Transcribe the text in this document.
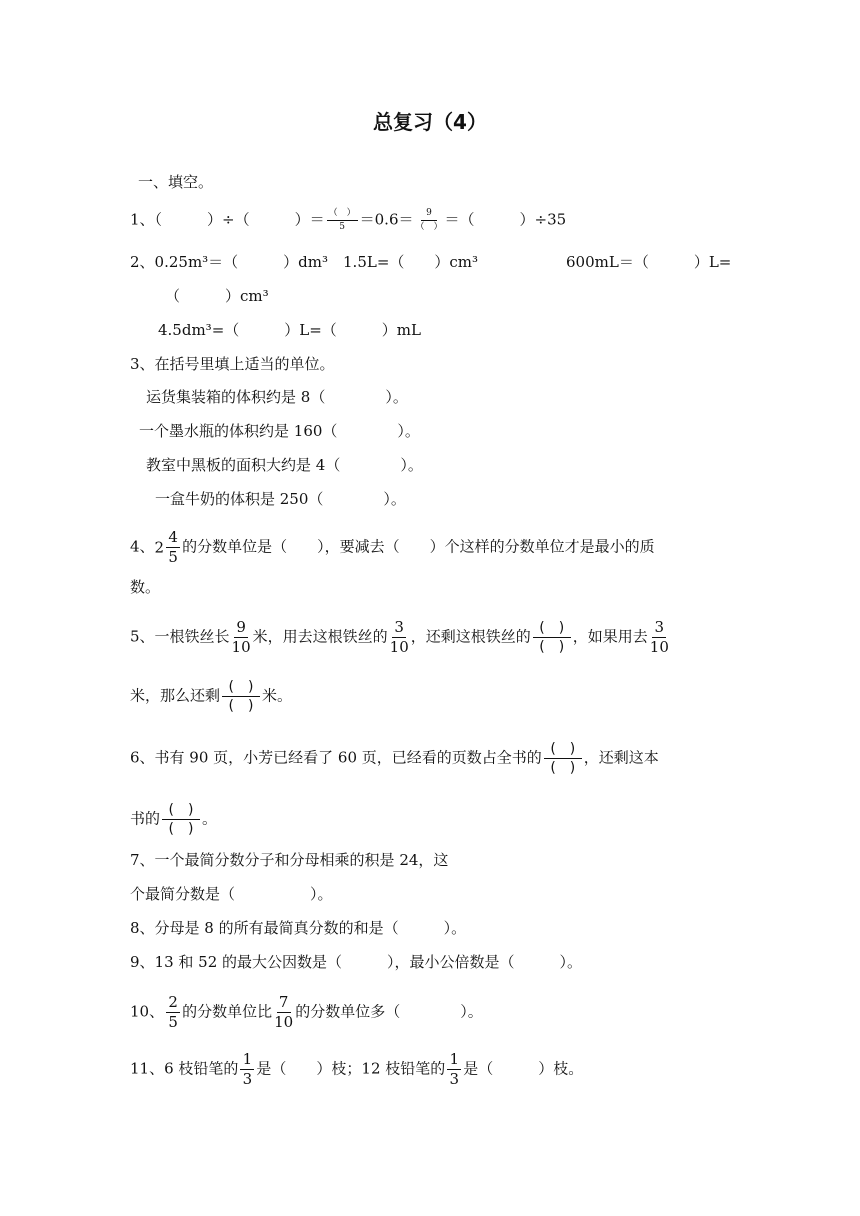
总复习（4）
一、填空。
1、（　　　）÷（　　　）＝ $\frac{( )}{5} =0.6= \frac{9}{( )}$ ＝（　　　）÷35
2、0.25m³＝（　　　）dm³　1.5L=（　　）cm³	600mL＝（　　　）L=
（　　　）cm³
4.5dm³=（　　　）L=（　　　）mL
3、在括号里填上适当的单位。
运货集装箱的体积约是 8（　　　　）。
一个墨水瓶的体积约是 160（　　　　）。
教室中黑板的面积大约是 4（　　　　）。
一盒牛奶的体积是 250（　　　　）。
4、$2 \frac{4}{5}$ 的分数单位是（　　），要减去（　　）个这样的分数单位才是最小的质
数。
5、一根铁丝长 $\frac{9}{10}$ 米，用去这根铁丝的 $\frac{3}{10}$ ，还剩这根铁丝的 $\frac{( )}{( )}$ ，如果用去 $\frac{3}{10}$
米，那么还剩 $\frac{( )}{( )}$ 米。
6、书有 90 页，小芳已经看了 60 页，已经看的页数占全书的 $\frac{( )}{( )}$ ，还剩这本
书的 $\frac{( )}{( )}$ 。
7、一个最简分数分子和分母相乘的积是 24，这
个最简分数是（　　　　　）。
8、分母是 8 的所有最简真分数的和是（　　　）。
9、13 和 52 的最大公因数是（　　　），最小公倍数是（　　　）。
10、 $\frac{2}{5}$ 的分数单位比 $\frac{7}{10}$ 的分数单位多（　　　　）。
11、6 枝铅笔的 $\frac{1}{3}$ 是（　　）枝；12 枝铅笔的 $\frac{1}{3}$ 是（　　　）枝。
